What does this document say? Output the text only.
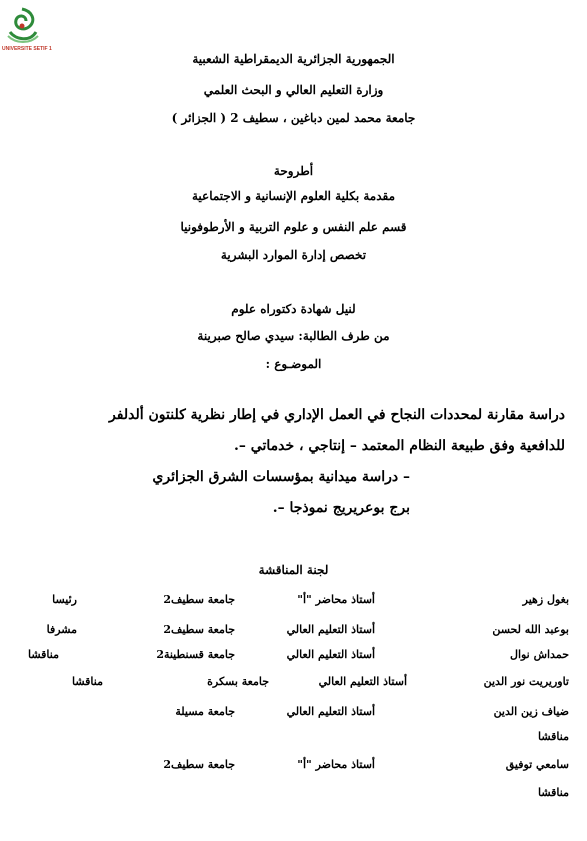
UNIVERSITE SETIF 1
الجمهورية الجزائرية الديمقراطية الشعبية
وزارة التعليم العالي و البحث العلمي
جامعة محمد لمين دباغين ، سطيف 2 ( الجزائر )
أطروحة
مقدمة بكلية العلوم الإنسانية و الاجتماعية
قسم علم النفس و علوم التربية و الأرطوفونيا
تخصص إدارة الموارد البشرية
لنيل شهادة دكتوراه علوم
من طرف الطالبة: سيدي صالح صبرينة
الموضـوع :
دراسة مقارنة لمحددات النجاح في العمل الإداري في إطار نظرية كلنتون ألدلفر
للدافعية وفق طبيعة النظام المعتمد – إنتاجي ، خدماتي –.
– دراسة ميدانية بمؤسسات الشرق الجزائري
برج بوعريريج نموذجا –.
لجنة المناقشة
بغول زهير
أستاذ محاضر "أ"
جامعة سطيف2
رئيسا
بوعبد الله لحسن
أستاذ التعليم العالي
جامعة سطيف2
مشرفا
حمداش نوال
أستاذ التعليم العالي
جامعة قسنطينة2
مناقشا
تاوريريت نور الدين
أستاذ التعليم العالي
جامعة بسكرة
مناقشا
ضياف زين الدين
أستاذ التعليم العالي
جامعة مسيلة
مناقشا
سامعي توفيق
أستاذ محاضر "أ"
جامعة سطيف2
مناقشا
